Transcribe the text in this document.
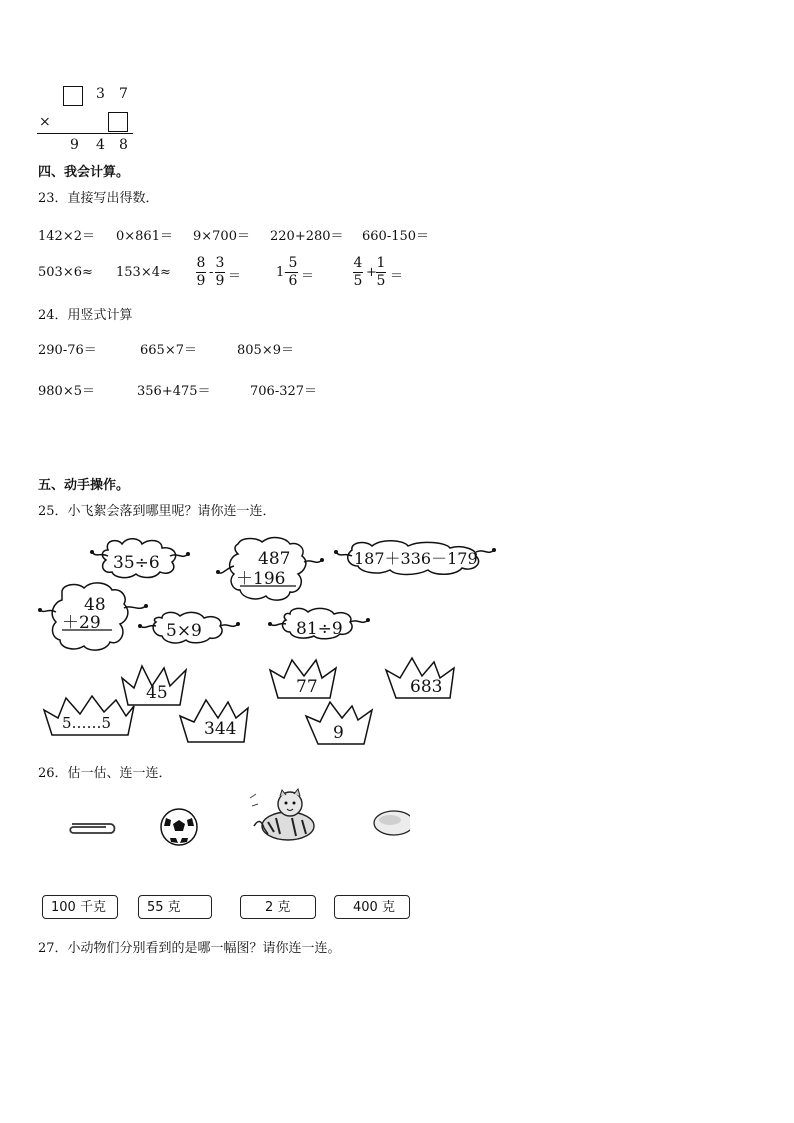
3 7
×
9 4 8
四、我会计算。
23．直接写出得数．
142×2＝ 0×861＝ 9×700＝ 220+280＝ 660-150＝
503×6≈ 153×4≈
8
9
-
3
9 ＝	1-
5
6 ＝
4
5
+
1
5 ＝
24．用竖式计算
290-76＝	665×7＝	805×9＝
980×5＝	356+475＝	706-327＝
五、动手操作。
25．小飞絮会落到哪里呢？请你连一连．
35÷6	487
＋196
187＋336－179
48
＋29	5×9	81÷9
45
5……5	344
77
9
683
26．估一估、连一连．
100 千克	55 克	2 克	400 克
27．小动物们分别看到的是哪一幅图？请你连一连。
